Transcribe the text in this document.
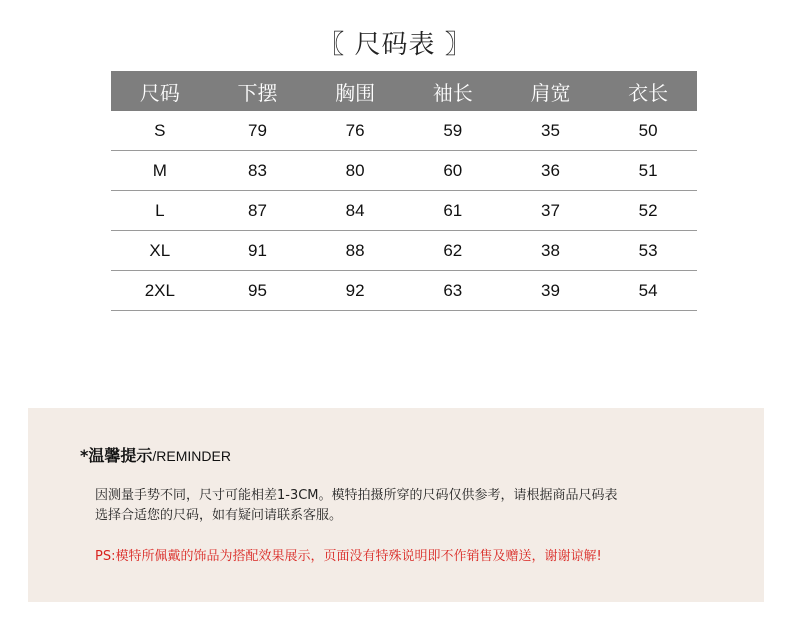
〖 尺码表 〗
尺码	下摆	胸围	袖长	肩宽	衣长
S	79	76	59	35	50
M	83	80	60	36	51
L	87	84	61	37	52
XL	91	88	62	38	53
2XL	95	92	63	39	54
*温馨提示/REMINDER
因测量手势不同，尺寸可能相差1-3CM。模特拍摄所穿的尺码仅供参考，请根据商品尺码表
选择合适您的尺码，如有疑问请联系客服。
PS:模特所佩戴的饰品为搭配效果展示，页面没有特殊说明即不作销售及赠送，谢谢谅解!
